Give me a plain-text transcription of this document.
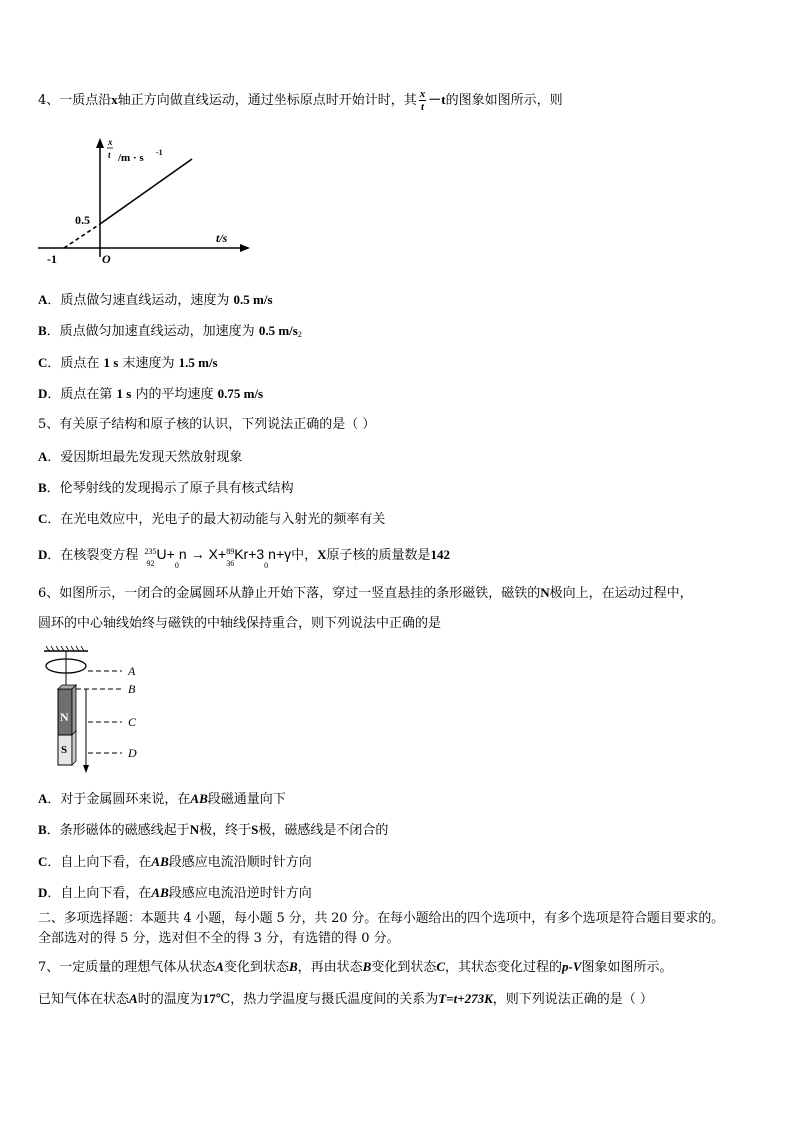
4、一质点沿x轴正方向做直线运动，通过坐标原点时开始计时，其 $\frac{x}{t} -t$的图象如图所示，则
x
t /m · s -1
t/s
0.5
-1	O
A．质点做匀速直线运动，速度为 0.5 m/s
B．质点做匀加速直线运动，加速度为 0.5 m/s2
C．质点在 1 s 末速度为 1.5 m/s
D．质点在第 1 s 内的平均速度 0.75 m/s
5、有关原子结构和原子核的认识，下列说法正确的是（ ）
A．爱因斯坦最先发现天然放射现象
B．伦琴射线的发现揭示了原子具有核式结构
C．在光电效应中，光电子的最大初动能与入射光的频率有关
D．在核裂变方程 235
92
U+
0
n → X+ 89
36
Kr+3
0
n+γ中，X原子核的质量数是142
6、如图所示，一闭合的金属圆环从静止开始下落，穿过一竖直悬挂的条形磁铁，磁铁的N极向上，在运动过程中，
圆环的中心轴线始终与磁铁的中轴线保持重合，则下列说法中正确的是
N
S
A
B
C
D
A．对于金属圆环来说，在AB段磁通量向下
B．条形磁体的磁感线起于N极，终于S极，磁感线是不闭合的
C．自上向下看，在AB段感应电流沿顺时针方向
D．自上向下看，在AB段感应电流沿逆时针方向
二、多项选择题：本题共 4 小题，每小题 5 分，共 20 分。在每小题给出的四个选项中，有多个选项是符合题目要求的。
全部选对的得 5 分，选对但不全的得 3 分，有选错的得 0 分。
7、一定质量的理想气体从状态A变化到状态B，再由状态B变化到状态C，其状态变化过程的p-V图象如图所示。
已知气体在状态A时的温度为17℃，热力学温度与摄氏温度间的关系为T=t+273K，则下列说法正确的是（ ）
